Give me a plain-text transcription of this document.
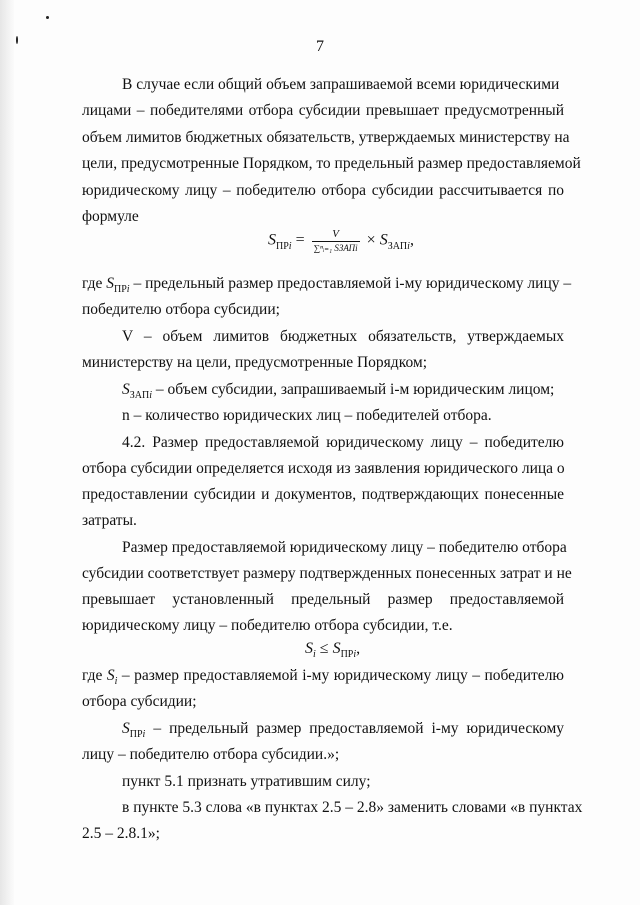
7
В случае если общий объем запрашиваемой всеми юридическими
лицами – победителями отбора субсидии превышает предусмотренный
объем лимитов бюджетных обязательств, утверждаемых министерству на
цели, предусмотренные Порядком, то предельный размер предоставляемой
юридическому лицу – победителю отбора субсидии рассчитывается по
формуле
$S_{ПРi} = \frac{V}{\text{∑ⁿᵢ₌₁ SЗАПi}} \times S_{ЗАПi}$,
где $S_{ПРi}$ – предельный размер предоставляемой i-му юридическому лицу –
победителю отбора субсидии;
V – объем лимитов бюджетных обязательств, утверждаемых
министерству на цели, предусмотренные Порядком;
$S_{ЗАПi}$ – объем субсидии, запрашиваемый i-м юридическим лицом;
n – количество юридических лиц – победителей отбора.
4.2. Размер предоставляемой юридическому лицу – победителю
отбора субсидии определяется исходя из заявления юридического лица о
предоставлении субсидии и документов, подтверждающих понесенные
затраты.
Размер предоставляемой юридическому лицу – победителю отбора
субсидии соответствует размеру подтвержденных понесенных затрат и не
превышает установленный предельный размер предоставляемой
юридическому лицу – победителю отбора субсидии, т.е.
$S_i \le S_{ПРi}$,
где $S_i$ – размер предоставляемой i-му юридическому лицу – победителю
отбора субсидии;
$S_{ПРi}$ – предельный размер предоставляемой i-му юридическому
лицу – победителю отбора субсидии.»;
пункт 5.1 признать утратившим силу;
в пункте 5.3 слова «в пунктах 2.5 – 2.8» заменить словами «в пунктах
2.5 – 2.8.1»;
